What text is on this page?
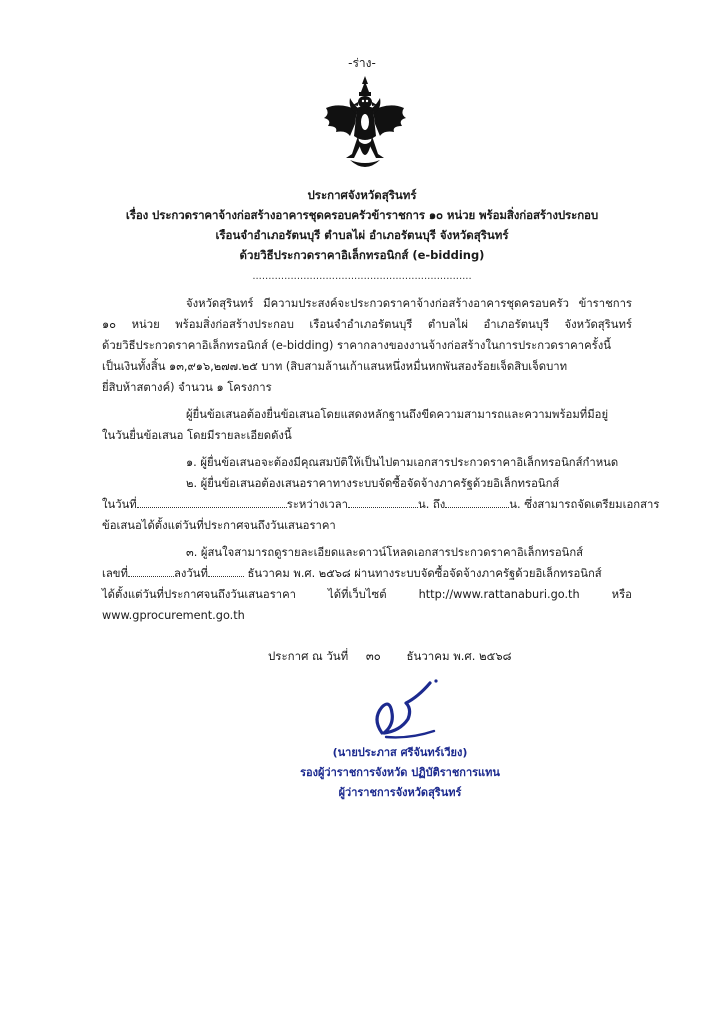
-ร่าง-
ประกาศจังหวัดสุรินทร์
เรื่อง ประกวดราคาจ้างก่อสร้างอาคารชุดครอบครัวข้าราชการ ๑๐ หน่วย พร้อมสิ่งก่อสร้างประกอบ
เรือนจำอำเภอรัตนบุรี ตำบลไผ่ อำเภอรัตนบุรี จังหวัดสุรินทร์
ด้วยวิธีประกวดราคาอิเล็กทรอนิกส์ (e-bidding)
.....................................................................
จังหวัดสุรินทร์ มีความประสงค์จะประกวดราคาจ้างก่อสร้างอาคารชุดครอบครัว ข้าราชการ
๑๐ หน่วย พร้อมสิ่งก่อสร้างประกอบ เรือนจำอำเภอรัตนบุรี ตำบลไผ่ อำเภอรัตนบุรี จังหวัดสุรินทร์
ด้วยวิธีประกวดราคาอิเล็กทรอนิกส์ (e-bidding) ราคากลางของงานจ้างก่อสร้างในการประกวดราคาครั้งนี้
เป็นเงินทั้งสิ้น ๑๓,๙๑๖,๒๗๗.๒๕ บาท (สิบสามล้านเก้าแสนหนึ่งหมื่นหกพันสองร้อยเจ็ดสิบเจ็ดบาท
ยี่สิบห้าสตางค์) จำนวน ๑ โครงการ
ผู้ยื่นข้อเสนอต้องยื่นข้อเสนอโดยแสดงหลักฐานถึงขีดความสามารถและความพร้อมที่มีอยู่
ในวันยื่นข้อเสนอ โดยมีรายละเอียดดังนี้
๑. ผู้ยื่นข้อเสนอจะต้องมีคุณสมบัติให้เป็นไปตามเอกสารประกวดราคาอิเล็กทรอนิกส์กำหนด
๒. ผู้ยื่นข้อเสนอต้องเสนอราคาทางระบบจัดซื้อจัดจ้างภาครัฐด้วยอิเล็กทรอนิกส์
ในวันที่	ระหว่างเวลา	น. ถึง	น. ซึ่งสามารถจัดเตรียมเอกสาร
ข้อเสนอได้ตั้งแต่วันที่ประกาศจนถึงวันเสนอราคา
๓. ผู้สนใจสามารถดูรายละเอียดและดาวน์โหลดเอกสารประกวดราคาอิเล็กทรอนิกส์
เลขที่	ลงวันที่	ธันวาคม พ.ศ. ๒๕๖๘ ผ่านทางระบบจัดซื้อจัดจ้างภาครัฐด้วยอิเล็กทรอนิกส์
ได้ตั้งแต่วันที่ประกาศจนถึงวันเสนอราคา	ได้ที่เว็บไซต์	http://www.rattanaburi.go.th	หรือ
www.gprocurement.go.th
ประกาศ ณ วันที่ ๓๐ ธันวาคม พ.ศ. ๒๕๖๘
(นายประภาส ศรีจันทร์เวียง)
รองผู้ว่าราชการจังหวัด ปฏิบัติราชการแทน
ผู้ว่าราชการจังหวัดสุรินทร์
